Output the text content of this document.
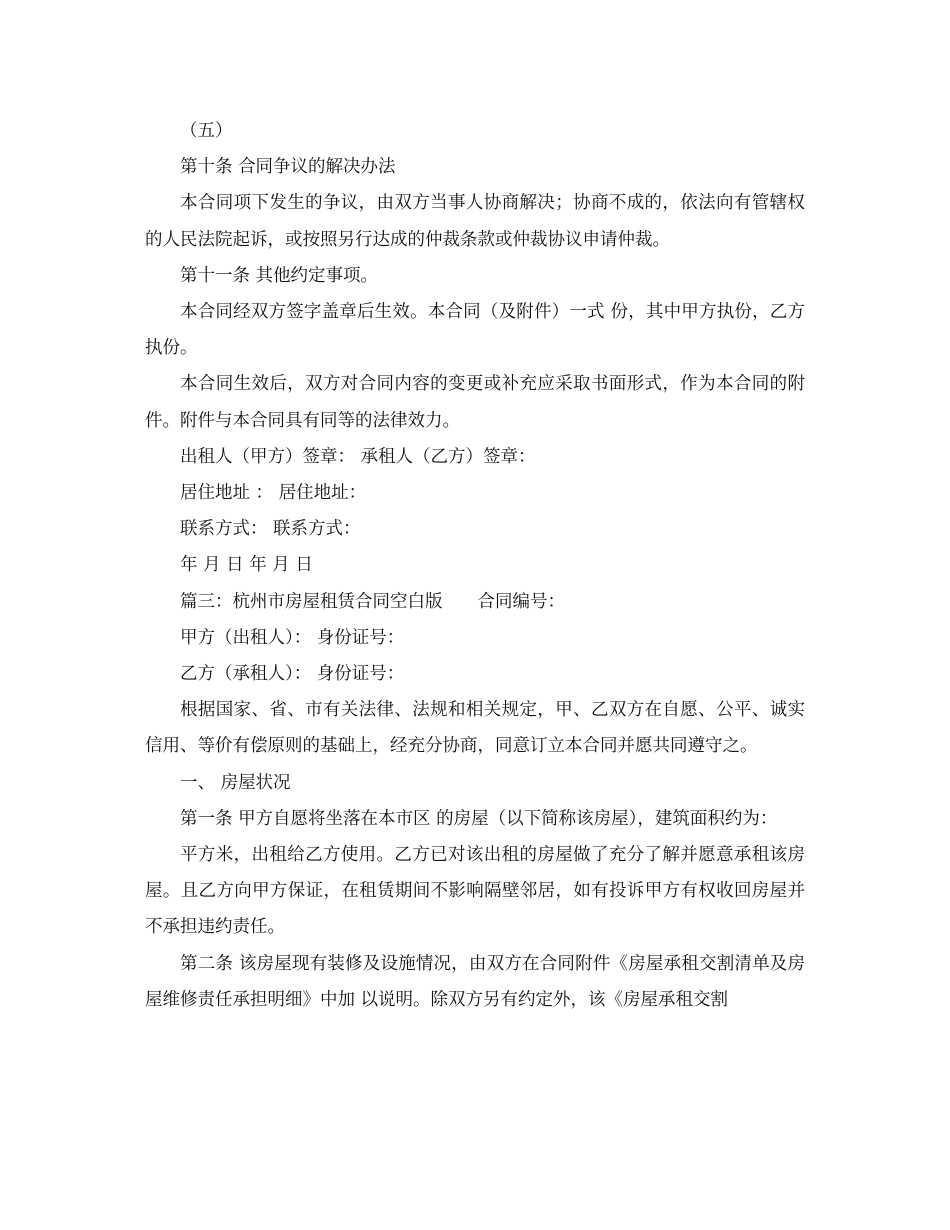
（五）

第十条 合同争议的解决办法

本合同项下发生的争议，由双方当事人协商解决；协商不成的，依法向有管辖权的人民法院起诉，或按照另行达成的仲裁条款或仲裁协议申请仲裁。

第十一条 其他约定事项。

本合同经双方签字盖章后生效。本合同（及附件）一式 份，其中甲方执份，乙方执份。

本合同生效后，双方对合同内容的变更或补充应采取书面形式，作为本合同的附件。附件与本合同具有同等的法律效力。

出租人（甲方）签章： 承租人（乙方）签章：

居住地址 ： 居住地址：

联系方式： 联系方式：

年 月 日 年 月 日

篇三：杭州市房屋租赁合同空白版　　合同编号：

甲方（出租人）： 身份证号：

乙方（承租人）： 身份证号：

根据国家、省、市有关法律、法规和相关规定，甲、乙双方在自愿、公平、诚实信用、等价有偿原则的基础上，经充分协商，同意订立本合同并愿共同遵守之。

一、 房屋状况

第一条 甲方自愿将坐落在本市区 的房屋（以下简称该房屋），建筑面积约为：

平方米，出租给乙方使用。乙方已对该出租的房屋做了充分了解并愿意承租该房屋。且乙方向甲方保证，在租赁期间不影响隔壁邻居，如有投诉甲方有权收回房屋并不承担违约责任。

第二条 该房屋现有装修及设施情况，由双方在合同附件《房屋承租交割清单及房屋维修责任承担明细》中加 以说明。除双方另有约定外，该《房屋承租交割
